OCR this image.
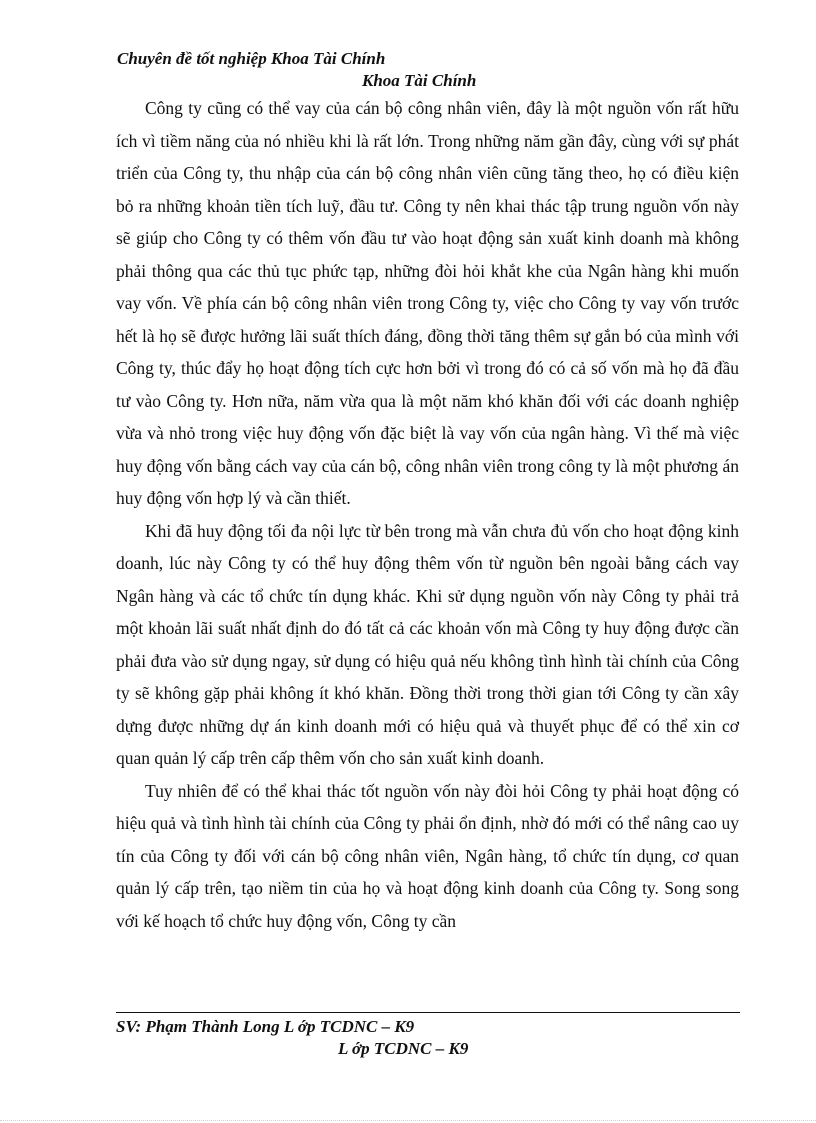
Chuyên đề tốt nghiệp Khoa Tài Chính
Khoa Tài Chính

Công ty cũng có thể vay của cán bộ công nhân viên, đây là một nguồn vốn rất hữu ích vì tiềm năng của nó nhiều khi là rất lớn. Trong những năm gần đây, cùng với sự phát triển của Công ty, thu nhập của cán bộ công nhân viên cũng tăng theo, họ có điều kiện bỏ ra những khoản tiền tích luỹ, đầu tư. Công ty nên khai thác tập trung nguồn vốn này sẽ giúp cho Công ty có thêm vốn đầu tư vào hoạt động sản xuất kinh doanh mà không phải thông qua các thủ tục phức tạp, những đòi hỏi khắt khe của Ngân hàng khi muốn vay vốn. Về phía cán bộ công nhân viên trong Công ty, việc cho Công ty vay vốn trước hết là họ sẽ được hưởng lãi suất thích đáng, đồng thời tăng thêm sự gắn bó của mình với Công ty, thúc đẩy họ hoạt động tích cực hơn bởi vì trong đó có cả số vốn mà họ đã đầu tư vào Công ty. Hơn nữa, năm vừa qua là một năm khó khăn đối với các doanh nghiệp vừa và nhỏ trong việc huy động vốn đặc biệt là vay vốn của ngân hàng. Vì thế mà việc huy động vốn bằng cách vay của cán bộ, công nhân viên trong công ty là một phương án huy động vốn hợp lý và cần thiết.

Khi đã huy động tối đa nội lực từ bên trong mà vẫn chưa đủ vốn cho hoạt động kinh doanh, lúc này Công ty có thể huy động thêm vốn từ nguồn bên ngoài bằng cách vay Ngân hàng và các tổ chức tín dụng khác. Khi sử dụng nguồn vốn này Công ty phải trả một khoản lãi suất nhất định do đó tất cả các khoản vốn mà Công ty huy động được cần phải đưa vào sử dụng ngay, sử dụng có hiệu quả nếu không tình hình tài chính của Công ty sẽ không gặp phải không ít khó khăn. Đồng thời trong thời gian tới Công ty cần xây dựng được những dự án kinh doanh mới có hiệu quả và thuyết phục để có thể xin cơ quan quản lý cấp trên cấp thêm vốn cho sản xuất kinh doanh.

Tuy nhiên để có thể khai thác tốt nguồn vốn này đòi hỏi Công ty phải hoạt động có hiệu quả và tình hình tài chính của Công ty phải ổn định, nhờ đó mới có thể nâng cao uy tín của Công ty đối với cán bộ công nhân viên, Ngân hàng, tổ chức tín dụng, cơ quan quản lý cấp trên, tạo niềm tin của họ và hoạt động kinh doanh của Công ty. Song song với kế hoạch tổ chức huy động vốn, Công ty cần

SV: Phạm Thành Long L ớp TCDNC – K9
L ớp TCDNC – K9
